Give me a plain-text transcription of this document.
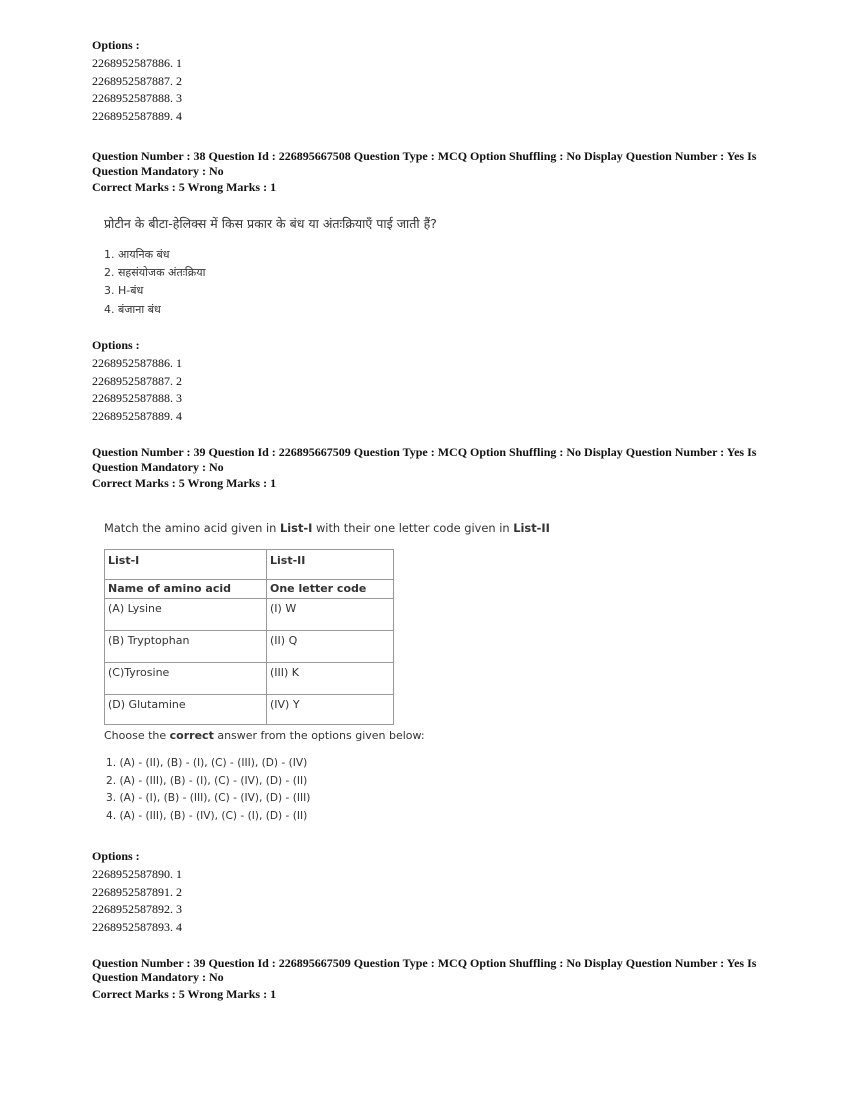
Options :
2268952587886. 1
2268952587887. 2
2268952587888. 3
2268952587889. 4
Question Number : 38 Question Id : 226895667508 Question Type : MCQ Option Shuffling : No Display Question Number : Yes Is
Question Mandatory : No
Correct Marks : 5 Wrong Marks : 1
प्रोटीन के बीटा-हेलिक्स में किस प्रकार के बंध या अंतःक्रियाएँ पाई जाती हैं?
1. आयनिक बंध
2. सहसंयोजक अंतःक्रिया
3. H-बंध
4. बंजाना बंध
Options :
2268952587886. 1
2268952587887. 2
2268952587888. 3
2268952587889. 4
Question Number : 39 Question Id : 226895667509 Question Type : MCQ Option Shuffling : No Display Question Number : Yes Is
Question Mandatory : No
Correct Marks : 5 Wrong Marks : 1
Match the amino acid given in List-I with their one letter code given in List-II
List-I	List-II
Name of amino acid	One letter code
(A) Lysine	(I) W
(B) Tryptophan	(II) Q
(C)Tyrosine	(III) K
(D) Glutamine	(IV) Y
Choose the correct answer from the options given below:
1. (A) - (II), (B) - (I), (C) - (III), (D) - (IV)
2. (A) - (III), (B) - (I), (C) - (IV), (D) - (II)
3. (A) - (I), (B) - (III), (C) - (IV), (D) - (III)
4. (A) - (III), (B) - (IV), (C) - (I), (D) - (II)
Options :
2268952587890. 1
2268952587891. 2
2268952587892. 3
2268952587893. 4
Question Number : 39 Question Id : 226895667509 Question Type : MCQ Option Shuffling : No Display Question Number : Yes Is
Question Mandatory : No
Correct Marks : 5 Wrong Marks : 1
